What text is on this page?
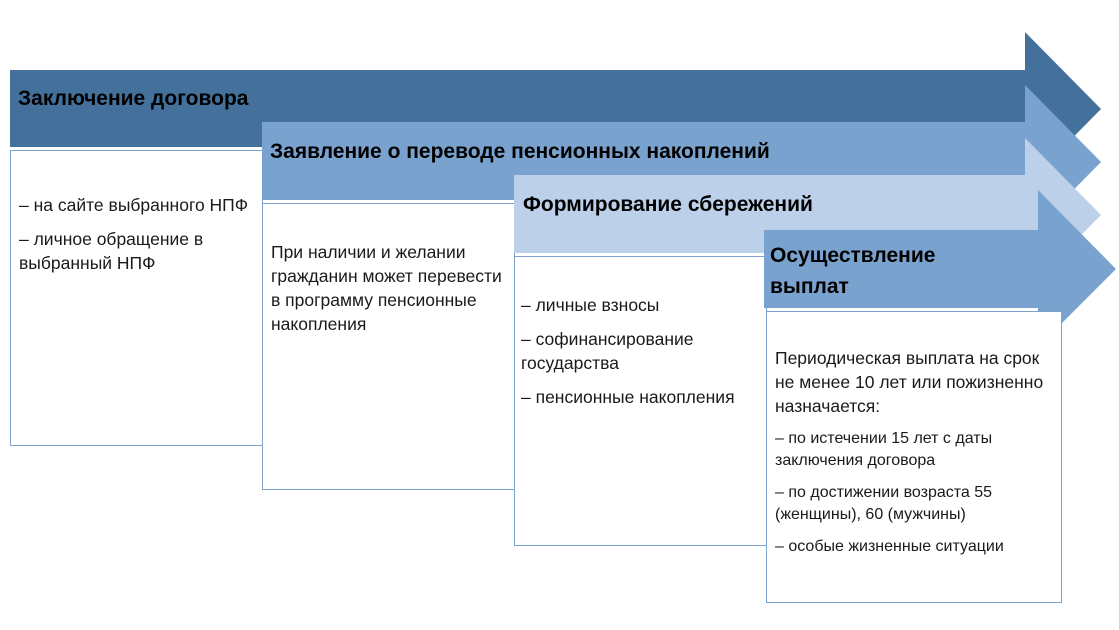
Заключение договора

– на сайте выбранного НПФ

– личное обращение в выбранный НПФ

Заявление о переводе пенсионных накоплений

При наличии и желании гражданин может перевести в программу пенсионные накопления

Формирование сбережений

– личные взносы

– софинансирование государства

– пенсионные накопления

Осуществление выплат

Периодическая выплата на срок не менее 10 лет или пожизненно назначается:

– по истечении 15 лет с даты заключения договора

– по достижении возраста 55 (женщины), 60 (мужчины)

– особые жизненные ситуации
